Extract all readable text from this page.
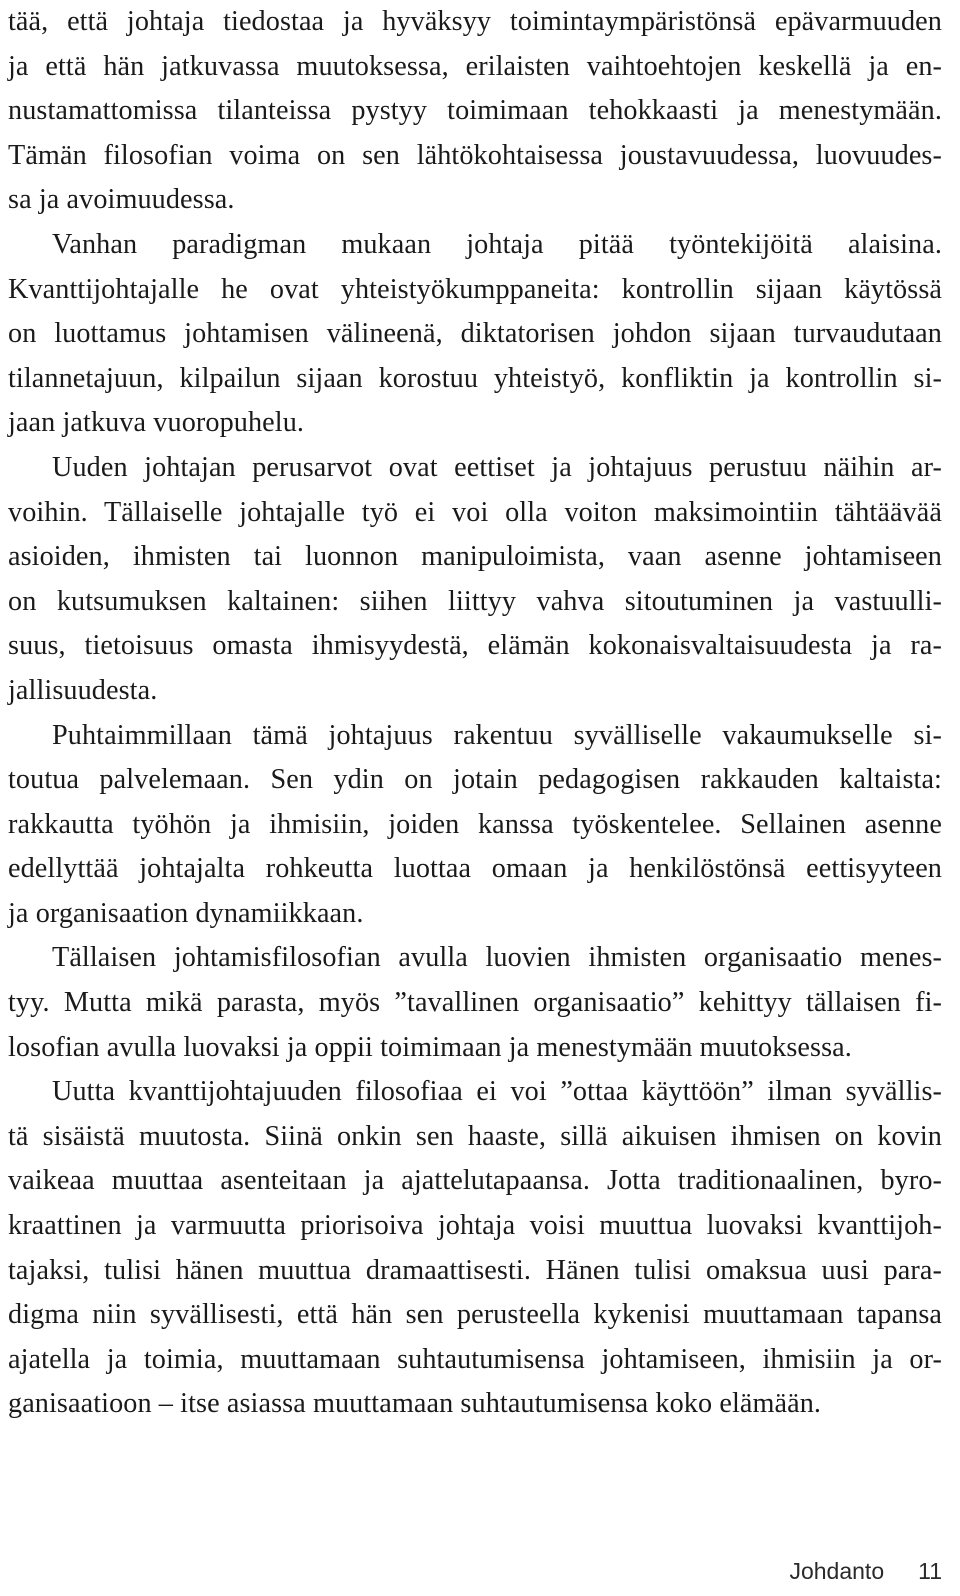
tää, että johtaja tiedostaa ja hyväksyy toimintaympäristönsä epävarmuuden
ja että hän jatkuvassa muutoksessa, erilaisten vaihtoehtojen keskellä ja en-
nustamattomissa tilanteissa pystyy toimimaan tehokkaasti ja menestymään.
Tämän filosofian voima on sen lähtökohtaisessa joustavuudessa, luovuudes-
sa ja avoimuudessa.
Vanhan paradigman mukaan johtaja pitää työntekijöitä alaisina.
Kvanttijohtajalle he ovat yhteistyökumppaneita: kontrollin sijaan käytössä
on luottamus johtamisen välineenä, diktatorisen johdon sijaan turvaudutaan
tilannetajuun, kilpailun sijaan korostuu yhteistyö, konfliktin ja kontrollin si-
jaan jatkuva vuoropuhelu.
Uuden johtajan perusarvot ovat eettiset ja johtajuus perustuu näihin ar-
voihin. Tällaiselle johtajalle työ ei voi olla voiton maksimointiin tähtäävää
asioiden, ihmisten tai luonnon manipuloimista, vaan asenne johtamiseen
on kutsumuksen kaltainen: siihen liittyy vahva sitoutuminen ja vastuulli-
suus, tietoisuus omasta ihmisyydestä, elämän kokonaisvaltaisuudesta ja ra-
jallisuudesta.
Puhtaimmillaan tämä johtajuus rakentuu syvälliselle vakaumukselle si-
toutua palvelemaan. Sen ydin on jotain pedagogisen rakkauden kaltaista:
rakkautta työhön ja ihmisiin, joiden kanssa työskentelee. Sellainen asenne
edellyttää johtajalta rohkeutta luottaa omaan ja henkilöstönsä eettisyyteen
ja organisaation dynamiikkaan.
Tällaisen johtamisfilosofian avulla luovien ihmisten organisaatio menes-
tyy. Mutta mikä parasta, myös ”tavallinen organisaatio” kehittyy tällaisen fi-
losofian avulla luovaksi ja oppii toimimaan ja menestymään muutoksessa.
Uutta kvanttijohtajuuden filosofiaa ei voi ”ottaa käyttöön” ilman syvällis-
tä sisäistä muutosta. Siinä onkin sen haaste, sillä aikuisen ihmisen on kovin
vaikeaa muuttaa asenteitaan ja ajattelutapaansa. Jotta traditionaalinen, byro-
kraattinen ja varmuutta priorisoiva johtaja voisi muuttua luovaksi kvanttijoh-
tajaksi, tulisi hänen muuttua dramaattisesti. Hänen tulisi omaksua uusi para-
digma niin syvällisesti, että hän sen perusteella kykenisi muuttamaan tapansa
ajatella ja toimia, muuttamaan suhtautumisensa johtamiseen, ihmisiin ja or-
ganisaatioon – itse asiassa muuttamaan suhtautumisensa koko elämään.
Johdanto 11
